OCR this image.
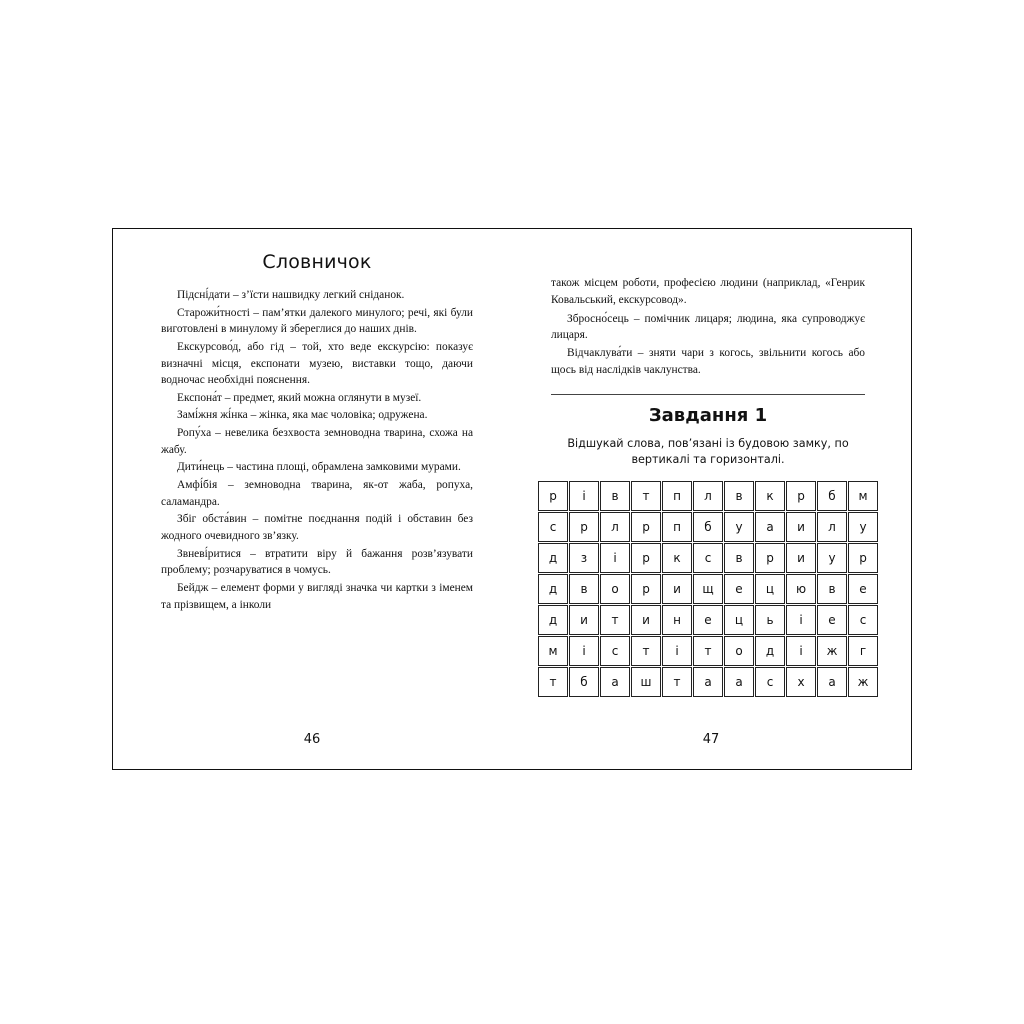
Словничок

Підсні́дати – з’їсти нашвидку легкий сніданок.

Старожи́тності – пам’ятки далекого минулого; речі, які були виготовлені в минулому й збереглися до наших днів.

Екскурсово́д, або гід – той, хто веде екскурсію: показує визначні місця, експонати музею, виставки тощо, даючи водночас необхідні пояснення.

Експона́т – предмет, який можна оглянути в музеї.

Замі́жня жі́нка – жінка, яка має чоловіка; одружена.

Ропу́ха – невелика безхвоста земноводна тварина, схожа на жабу.

Дити́нець – частина площі, обрамлена замковими мурами.

Амфі́бія – земноводна тварина, як-от жаба, ропуха, саламандра.

Збіг обста́вин – помітне поєднання подій і обставин без жодного очевидного зв’язку.

Звневі́ритися – втратити віру й бажання розв’язувати проблему; розчаруватися в чомусь.

Бейдж – елемент форми у вигляді значка чи картки з іменем та прізвищем, а інколи

46

також місцем роботи, професією людини (наприклад, «Генрик Ковальський, екскурсовод».

Збросно́сець – помічник лицаря; людина, яка супроводжує лицаря.

Відчаклува́ти – зняти чари з когось, звільнити когось або щось від наслідків чаклунства.

Завдання 1
Відшукай слова, пов’язані із будовою замку, по вертикалі та горизонталі.
р	і	в	т	п	л	в	к	р	б	м
с	р	л	р	п	б	у	а	и	л	у
д	з	і	р	к	с	в	р	и	у	р
д	в	о	р	и	щ	е	ц	ю	в	е
д	и	т	и	н	е	ц	ь	і	е	с
м	і	с	т	і	т	о	д	і	ж	г
т	б	а	ш	т	а	а	с	х	а	ж
47
